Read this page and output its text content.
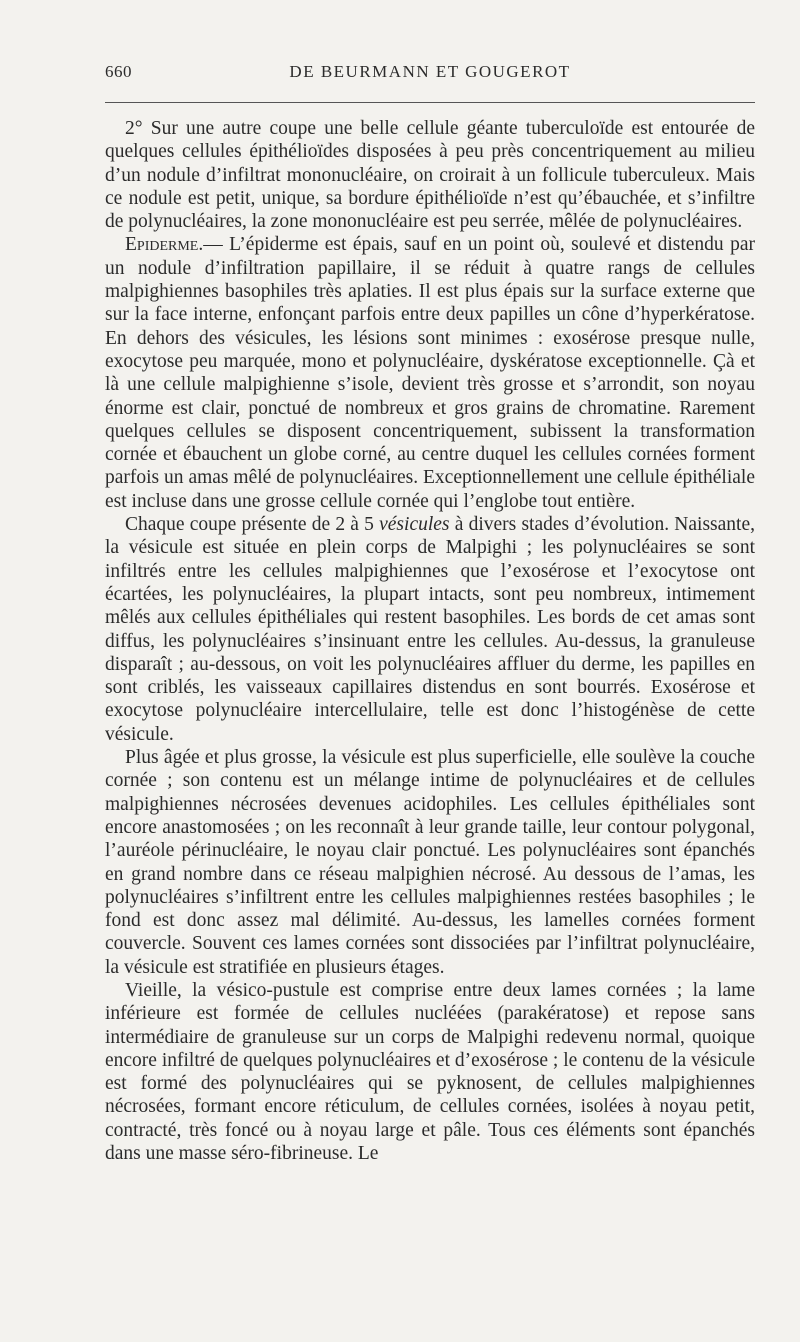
660	DE BEURMANN ET GOUGEROT

2° Sur une autre coupe une belle cellule géante tuberculoïde est entourée de quelques cellules épithélioïdes disposées à peu près concentriquement au milieu d’un nodule d’infiltrat mononucléaire, on croirait à un follicule tuberculeux. Mais ce nodule est petit, unique, sa bordure épithélioïde n’est qu’ébauchée, et s’infiltre de polynucléaires, la zone mononucléaire est peu serrée, mêlée de polynucléaires.

Epiderme.— L’épiderme est épais, sauf en un point où, soulevé et distendu par un nodule d’infiltration papillaire, il se réduit à quatre rangs de cellules malpighiennes basophiles très aplaties. Il est plus épais sur la surface externe que sur la face interne, enfonçant parfois entre deux papilles un cône d’hyperkératose. En dehors des vésicules, les lésions sont minimes : exosérose presque nulle, exocytose peu marquée, mono et polynucléaire, dyskératose exceptionnelle. Çà et là une cellule malpighienne s’isole, devient très grosse et s’arrondit, son noyau énorme est clair, ponctué de nombreux et gros grains de chromatine. Rarement quelques cellules se disposent concentriquement, subissent la transformation cornée et ébauchent un globe corné, au centre duquel les cellules cornées forment parfois un amas mêlé de polynucléaires. Exceptionnellement une cellule épithéliale est incluse dans une grosse cellule cornée qui l’englobe tout entière.

Chaque coupe présente de 2 à 5 vésicules à divers stades d’évolution. Naissante, la vésicule est située en plein corps de Malpighi ; les polynucléaires se sont infiltrés entre les cellules malpighiennes que l’exosérose et l’exocytose ont écartées, les polynucléaires, la plupart intacts, sont peu nombreux, intimement mêlés aux cellules épithéliales qui restent basophiles. Les bords de cet amas sont diffus, les polynucléaires s’insinuant entre les cellules. Au-dessus, la granuleuse disparaît ; au-dessous, on voit les polynucléaires affluer du derme, les papilles en sont criblés, les vaisseaux capillaires distendus en sont bourrés. Exosérose et exocytose polynucléaire intercellulaire, telle est donc l’histogénèse de cette vésicule.

Plus âgée et plus grosse, la vésicule est plus superficielle, elle soulève la couche cornée ; son contenu est un mélange intime de polynucléaires et de cellules malpighiennes nécrosées devenues acidophiles. Les cellules épithéliales sont encore anastomosées ; on les reconnaît à leur grande taille, leur contour polygonal, l’auréole périnucléaire, le noyau clair ponctué. Les polynucléaires sont épanchés en grand nombre dans ce réseau malpighien nécrosé. Au dessous de l’amas, les polynucléaires s’infiltrent entre les cellules malpighiennes restées basophiles ; le fond est donc assez mal délimité. Au-dessus, les lamelles cornées forment couvercle. Souvent ces lames cornées sont dissociées par l’infiltrat polynucléaire, la vésicule est stratifiée en plusieurs étages.

Vieille, la vésico-pustule est comprise entre deux lames cornées ; la lame inférieure est formée de cellules nucléées (parakératose) et repose sans intermédiaire de granuleuse sur un corps de Malpighi redevenu normal, quoique encore infiltré de quelques polynucléaires et d’exosérose ; le contenu de la vésicule est formé des polynucléaires qui se pyknosent, de cellules malpighiennes nécrosées, formant encore réticulum, de cellules cornées, isolées à noyau petit, contracté, très foncé ou à noyau large et pâle. Tous ces éléments sont épanchés dans une masse séro-fibrineuse. Le
